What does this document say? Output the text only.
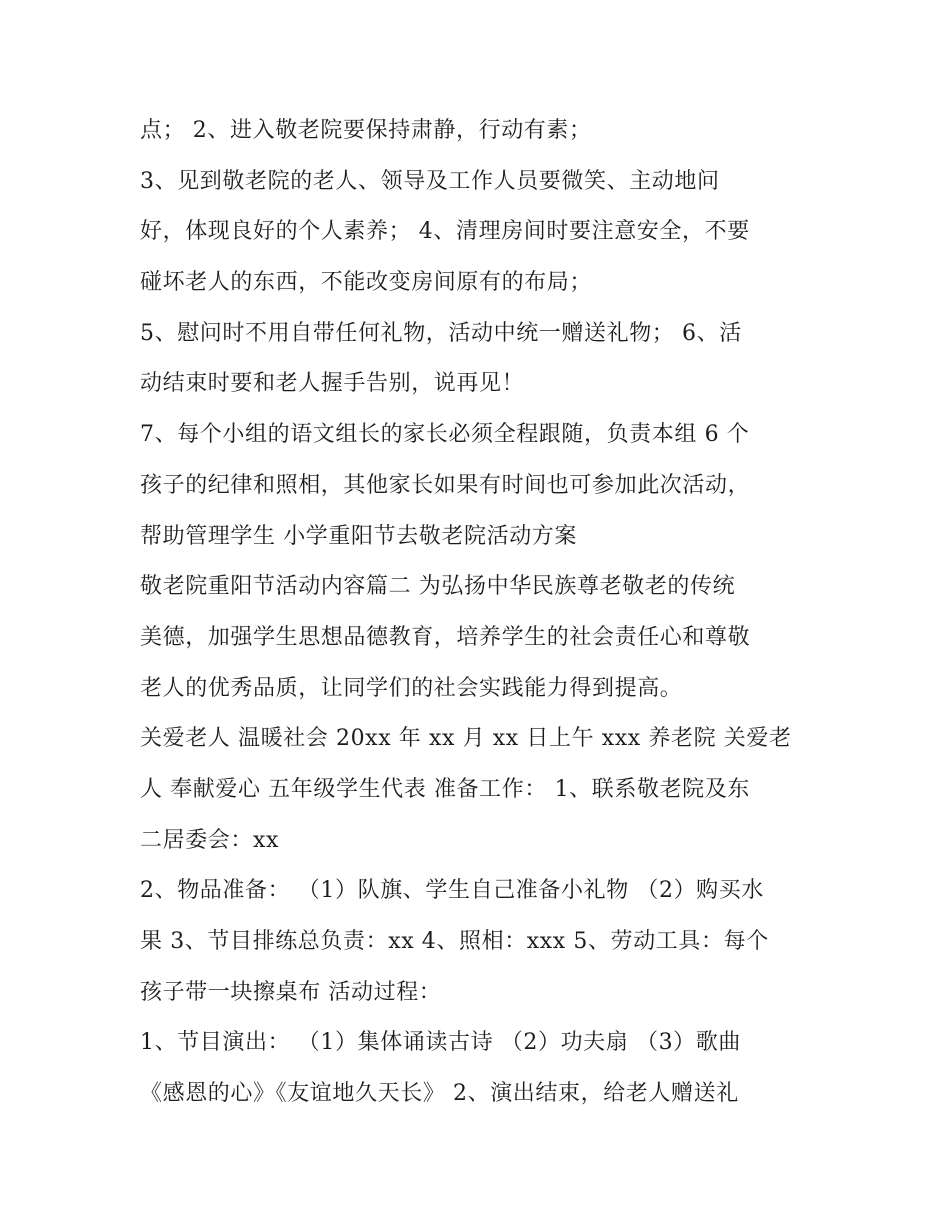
点； 2、进入敬老院要保持肃静，行动有素；
3、见到敬老院的老人、领导及工作人员要微笑、主动地问
好，体现良好的个人素养； 4、清理房间时要注意安全，不要
碰坏老人的东西，不能改变房间原有的布局；
5、慰问时不用自带任何礼物，活动中统一赠送礼物； 6、活
动结束时要和老人握手告别，说再见！
7、每个小组的语文组长的家长必须全程跟随，负责本组 6 个
孩子的纪律和照相，其他家长如果有时间也可参加此次活动，
帮助管理学生 小学重阳节去敬老院活动方案
敬老院重阳节活动内容篇二 为弘扬中华民族尊老敬老的传统
美德，加强学生思想品德教育，培养学生的社会责任心和尊敬
老人的优秀品质，让同学们的社会实践能力得到提高。
关爱老人 温暖社会 20xx 年 xx 月 xx 日上午 xxx 养老院 关爱老
人 奉献爱心 五年级学生代表 准备工作： 1、联系敬老院及东
二居委会：xx
2、物品准备： （1）队旗、学生自己准备小礼物 （2）购买水
果 3、节目排练总负责：xx 4、照相：xxx 5、劳动工具：每个
孩子带一块擦桌布 活动过程：
1、节目演出： （1）集体诵读古诗 （2）功夫扇 （3）歌曲
《感恩的心》《友谊地久天长》 2、演出结束，给老人赠送礼
